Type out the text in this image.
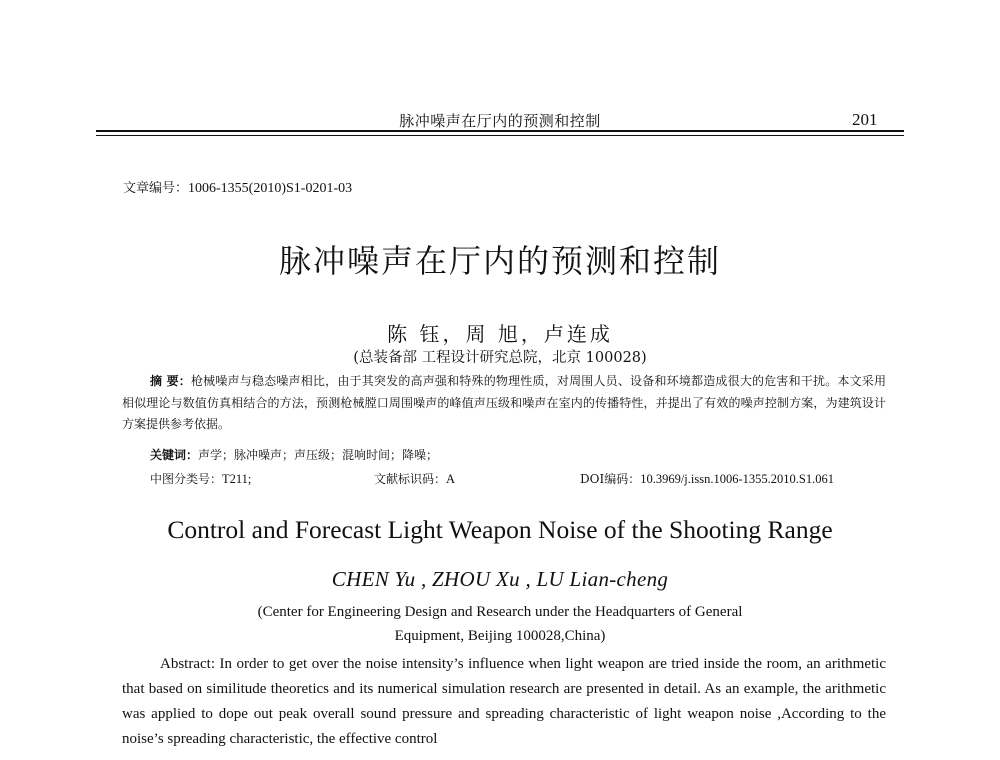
脉冲噪声在厅内的预测和控制	201
文章编号：1006-1355(2010)S1-0201-03
脉冲噪声在厅内的预测和控制
陈 钰，周 旭，卢连成
(总装备部 工程设计研究总院，北京 100028)
摘 要：枪械噪声与稳态噪声相比，由于其突发的高声强和特殊的物理性质，对周围人员、设备和环境都造成很大的危害和干扰。本文采用相似理论与数值仿真相结合的方法，预测枪械膛口周围噪声的峰值声压级和噪声在室内的传播特性，并提出了有效的噪声控制方案，为建筑设计方案提供参考依据。
关键词：声学；脉冲噪声；声压级；混响时间；降噪；
中图分类号：T211;	文献标识码：A	DOI编码：10.3969/j.issn.1006-1355.2010.S1.061
Control and Forecast Light Weapon Noise of the Shooting Range
CHEN Yu , ZHOU Xu , LU Lian-cheng
(Center for Engineering Design and Research under the Headquarters of General
Equipment, Beijing 100028,China)
Abstract: In order to get over the noise intensity’s influence when light weapon are tried inside the room, an arithmetic that based on similitude theoretics and its numerical simulation research are presented in detail. As an example, the arithmetic was applied to dope out peak overall sound pressure and spreading characteristic of light weapon noise ,According to the noise’s spreading characteristic, the effective control
